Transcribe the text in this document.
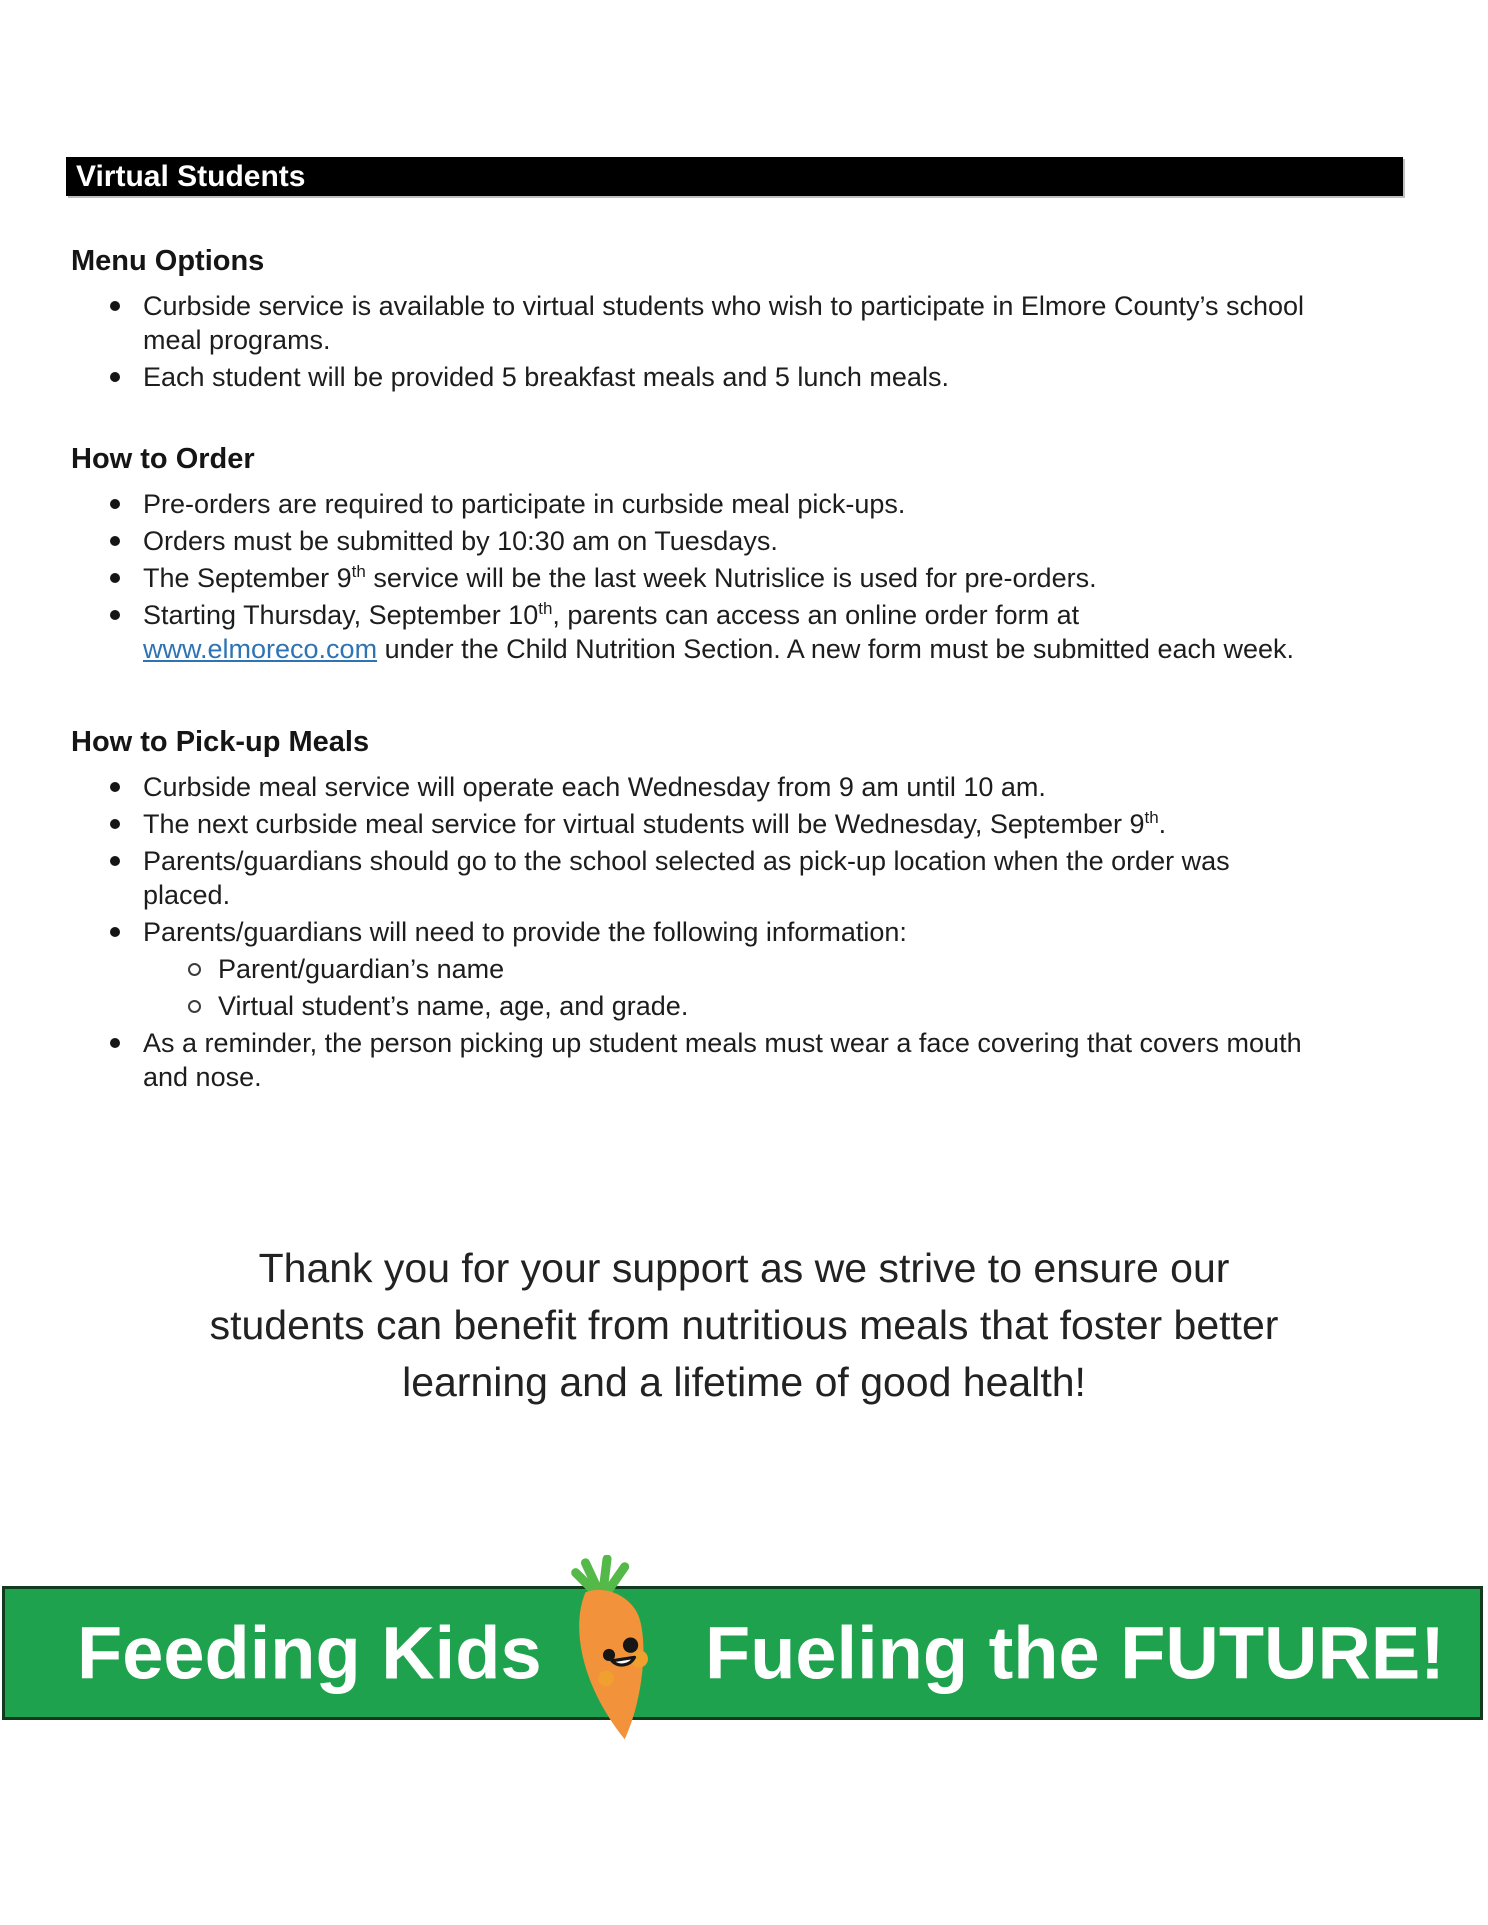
Virtual Students
Menu Options
Curbside service is available to virtual students who wish to participate in Elmore County’s school meal programs.
Each student will be provided 5 breakfast meals and 5 lunch meals.
How to Order
Pre-orders are required to participate in curbside meal pick-ups.
Orders must be submitted by 10:30 am on Tuesdays.
The September 9th service will be the last week Nutrislice is used for pre-orders.
Starting Thursday, September 10th, parents can access an online order form at www.elmoreco.com under the Child Nutrition Section. A new form must be submitted each week.
How to Pick-up Meals
Curbside meal service will operate each Wednesday from 9 am until 10 am.
The next curbside meal service for virtual students will be Wednesday, September 9th.
Parents/guardians should go to the school selected as pick-up location when the order was placed.
Parents/guardians will need to provide the following information:
Parent/guardian’s name
Virtual student’s name, age, and grade.
As a reminder, the person picking up student meals must wear a face covering that covers mouth and nose.
Thank you for your support as we strive to ensure our
students can benefit from nutritious meals that foster better
learning and a lifetime of good health!
Feeding Kids Fueling the FUTURE!
